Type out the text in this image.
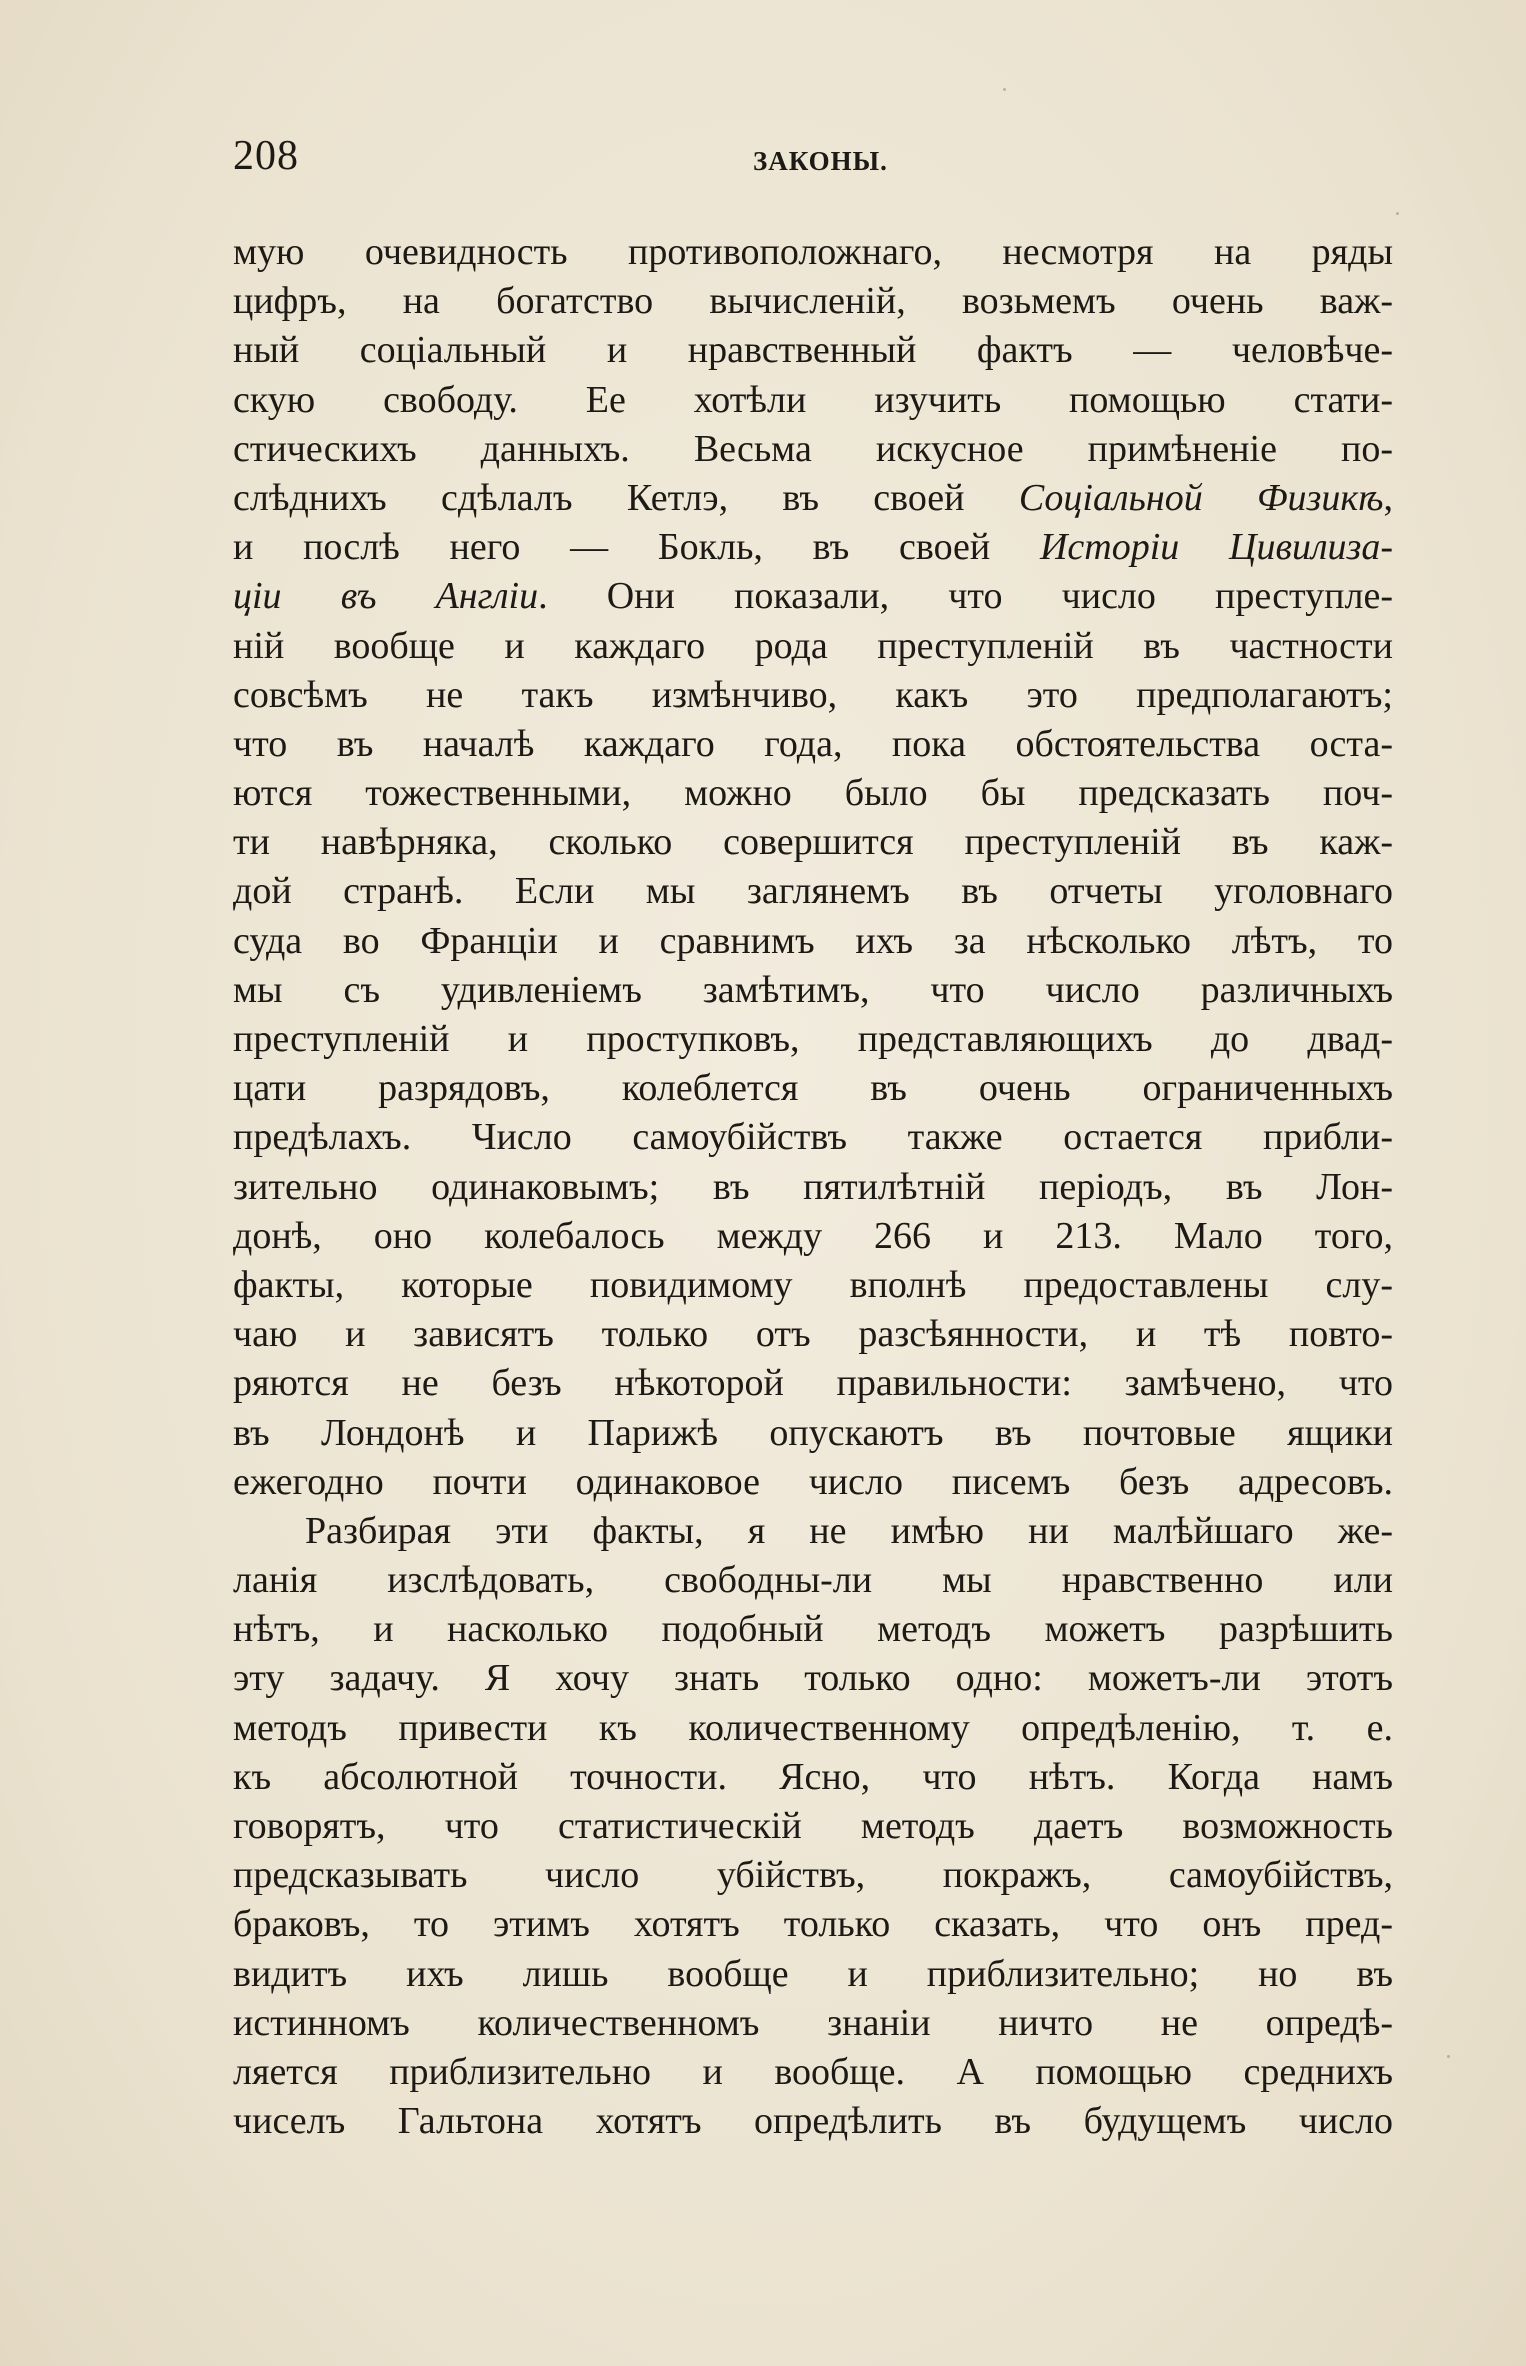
208	ЗАКОНЫ.
мую очевидность противоположнаго, несмотря на ряды
цифръ, на богатство вычисленій, возьмемъ очень важ-
ный соціальный и нравственный фактъ — человѣче-
скую свободу. Ее хотѣли изучить помощью стати-
стическихъ данныхъ. Весьма искусное примѣненіе по-
слѣднихъ сдѣлалъ Кетлэ, въ своей Соціальной Физикѣ,
и послѣ него — Бокль, въ своей Исторіи Цивилиза-
ціи въ Англіи. Они показали, что число преступле-
ній вообще и каждаго рода преступленій въ частности
совсѣмъ не такъ измѣнчиво, какъ это предполагаютъ;
что въ началѣ каждаго года, пока обстоятельства оста-
ются тожественными, можно было бы предсказать поч-
ти навѣрняка, сколько совершится преступленій въ каж-
дой странѣ. Если мы заглянемъ въ отчеты уголовнаго
суда во Франціи и сравнимъ ихъ за нѣсколько лѣтъ, то
мы съ удивленіемъ замѣтимъ, что число различныхъ
преступленій и проступковъ, представляющихъ до двад-
цати разрядовъ, колеблется въ очень ограниченныхъ
предѣлахъ. Число самоубійствъ также остается прибли-
зительно одинаковымъ; въ пятилѣтній періодъ, въ Лон-
донѣ, оно колебалось между 266 и 213. Мало того,
факты, которые повидимому вполнѣ предоставлены слу-
чаю и зависятъ только отъ разсѣянности, и тѣ повто-
ряются не безъ нѣкоторой правильности: замѣчено, что
въ Лондонѣ и Парижѣ опускаютъ въ почтовые ящики
ежегодно почти одинаковое число писемъ безъ адресовъ.
Разбирая эти факты, я не имѣю ни малѣйшаго же-
ланія изслѣдовать, свободны-ли мы нравственно или
нѣтъ, и насколько подобный методъ можетъ разрѣшить
эту задачу. Я хочу знать только одно: можетъ-ли этотъ
методъ привести къ количественному опредѣленію, т. е.
къ абсолютной точности. Ясно, что нѣтъ. Когда намъ
говорятъ, что статистическій методъ даетъ возможность
предсказывать число убійствъ, покражъ, самоубійствъ,
браковъ, то этимъ хотятъ только сказать, что онъ пред-
видитъ ихъ лишь вообще и приблизительно; но въ
истинномъ количественномъ знаніи ничто не опредѣ-
ляется приблизительно и вообще. А помощью среднихъ
чиселъ Гальтона хотятъ опредѣлить въ будущемъ число
